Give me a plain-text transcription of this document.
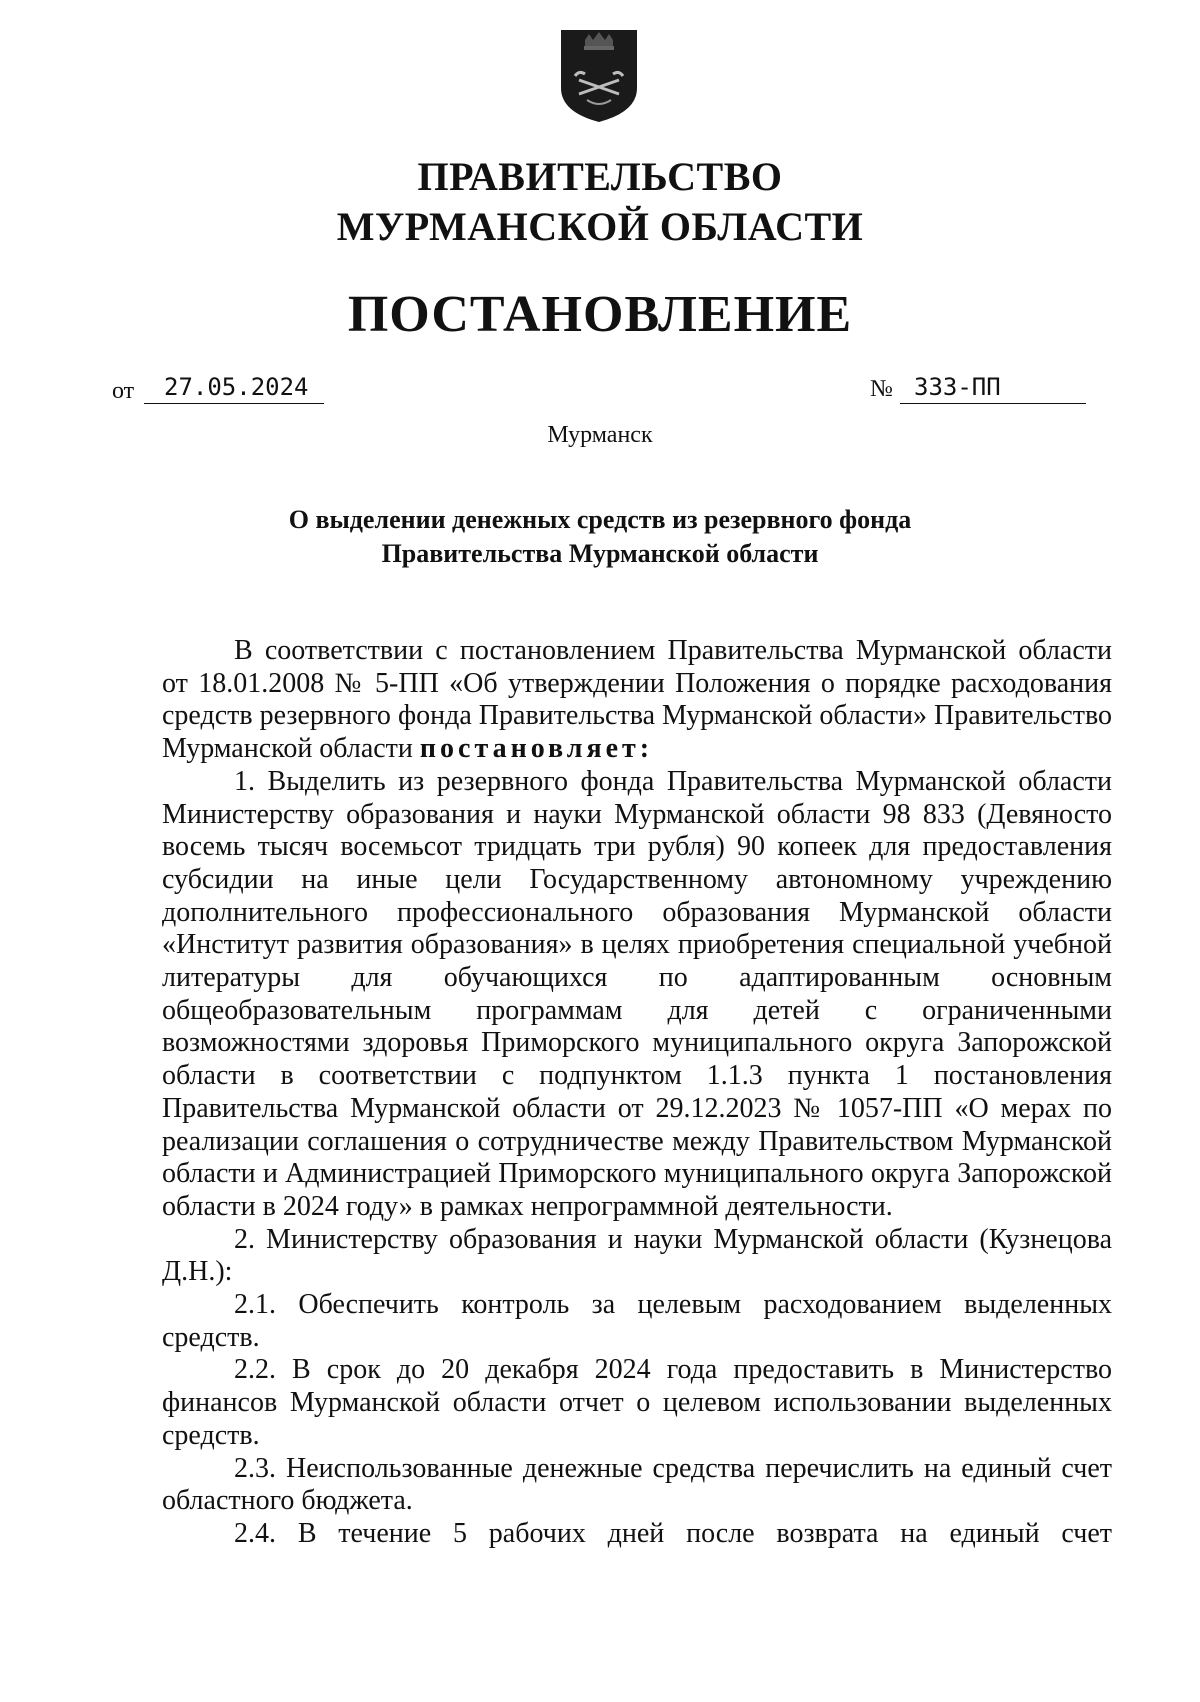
ПРАВИТЕЛЬСТВО
МУРМАНСКОЙ ОБЛАСТИ
ПОСТАНОВЛЕНИЕ
от	27.05.2024	№ 333-ПП
Мурманск
О выделении денежных средств из резервного фонда
Правительства Мурманской области

В соответствии с постановлением Правительства Мурманской области от 18.01.2008 № 5-ПП «Об утверждении Положения о порядке расходования средств резервного фонда Правительства Мурманской области» Правительство Мурманской области постановляет:

1. Выделить из резервного фонда Правительства Мурманской области Министерству образования и науки Мурманской области 98 833 (Девяносто восемь тысяч восемьсот тридцать три рубля) 90 копеек для предоставления субсидии на иные цели Государственному автономному учреждению дополнительного профессионального образования Мурманской области «Институт развития образования» в целях приобретения специальной учебной литературы для обучающихся по адаптированным основным общеобразовательным программам для детей с ограниченными возможностями здоровья Приморского муниципального округа Запорожской области в соответствии с подпунктом 1.1.3 пункта 1 постановления Правительства Мурманской области от 29.12.2023 № 1057-ПП «О мерах по реализации соглашения о сотрудничестве между Правительством Мурманской области и Администрацией Приморского муниципального округа Запорожской области в 2024 году» в рамках непрограммной деятельности.

2. Министерству образования и науки Мурманской области (Кузнецова Д.Н.):

2.1. Обеспечить контроль за целевым расходованием выделенных средств.

2.2. В срок до 20 декабря 2024 года предоставить в Министерство финансов Мурманской области отчет о целевом использовании выделенных средств.

2.3. Неиспользованные денежные средства перечислить на единый счет областного бюджета.

2.4. В течение 5 рабочих дней после возврата на единый счет
